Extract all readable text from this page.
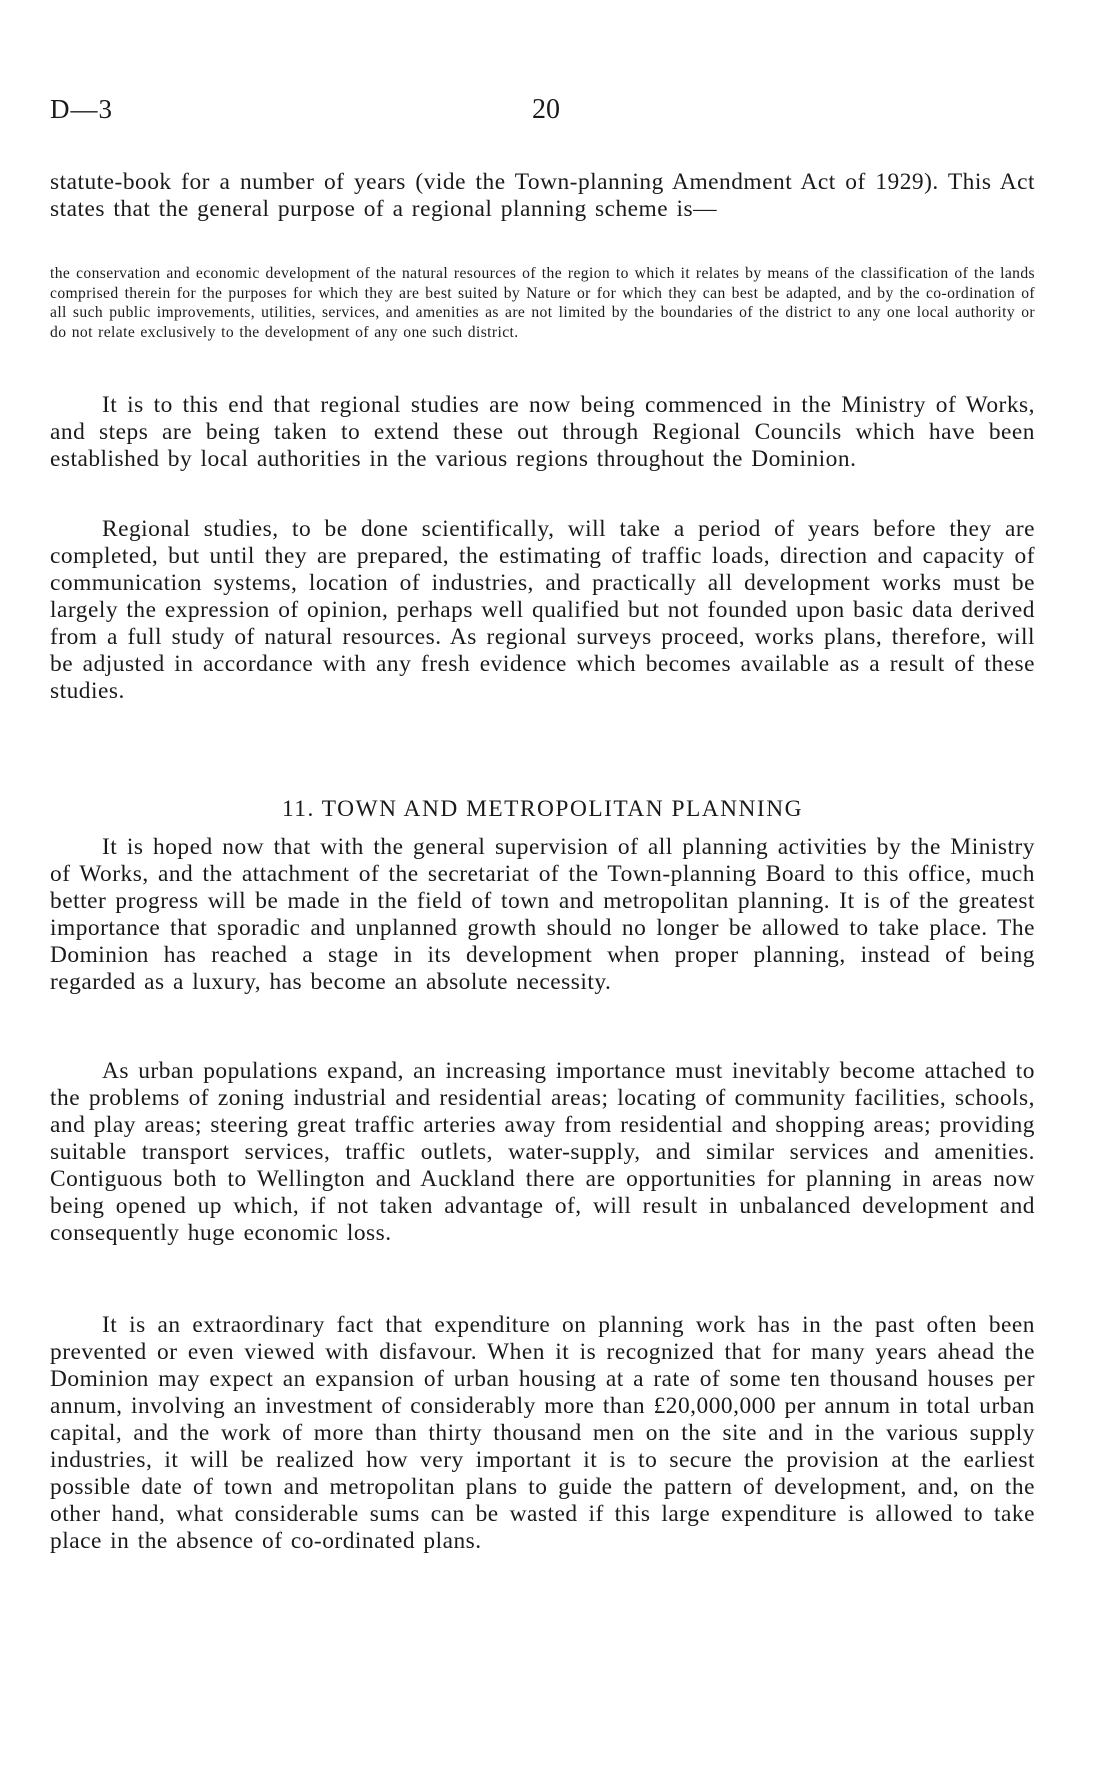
D—3	20

statute-book for a number of years (vide the Town-planning Amendment Act of 1929). This Act states that the general purpose of a regional planning scheme is—

the conservation and economic development of the natural resources of the region to which it relates by means of the classification of the lands comprised therein for the purposes for which they are best suited by Nature or for which they can best be adapted, and by the co-ordination of all such public improvements, utilities, services, and amenities as are not limited by the boundaries of the district to any one local authority or do not relate exclusively to the development of any one such district.

It is to this end that regional studies are now being commenced in the Ministry of Works, and steps are being taken to extend these out through Regional Councils which have been established by local authorities in the various regions throughout the Dominion.

Regional studies, to be done scientifically, will take a period of years before they are completed, but until they are prepared, the estimating of traffic loads, direction and capacity of communication systems, location of industries, and practically all development works must be largely the expression of opinion, perhaps well qualified but not founded upon basic data derived from a full study of natural resources. As regional surveys proceed, works plans, therefore, will be adjusted in accordance with any fresh evidence which becomes available as a result of these studies.

11. TOWN AND METROPOLITAN PLANNING

It is hoped now that with the general supervision of all planning activities by the Ministry of Works, and the attachment of the secretariat of the Town-planning Board to this office, much better progress will be made in the field of town and metropolitan planning. It is of the greatest importance that sporadic and unplanned growth should no longer be allowed to take place. The Dominion has reached a stage in its development when proper planning, instead of being regarded as a luxury, has become an absolute necessity.

As urban populations expand, an increasing importance must inevitably become attached to the problems of zoning industrial and residential areas; locating of community facilities, schools, and play areas; steering great traffic arteries away from residential and shopping areas; providing suitable transport services, traffic outlets, water-supply, and similar services and amenities. Contiguous both to Wellington and Auckland there are opportunities for planning in areas now being opened up which, if not taken advantage of, will result in unbalanced development and consequently huge economic loss.

It is an extraordinary fact that expenditure on planning work has in the past often been prevented or even viewed with disfavour. When it is recognized that for many years ahead the Dominion may expect an expansion of urban housing at a rate of some ten thousand houses per annum, involving an investment of considerably more than £20,000,000 per annum in total urban capital, and the work of more than thirty thousand men on the site and in the various supply industries, it will be realized how very important it is to secure the provision at the earliest possible date of town and metropolitan plans to guide the pattern of development, and, on the other hand, what considerable sums can be wasted if this large expenditure is allowed to take place in the absence of co-ordinated plans.
